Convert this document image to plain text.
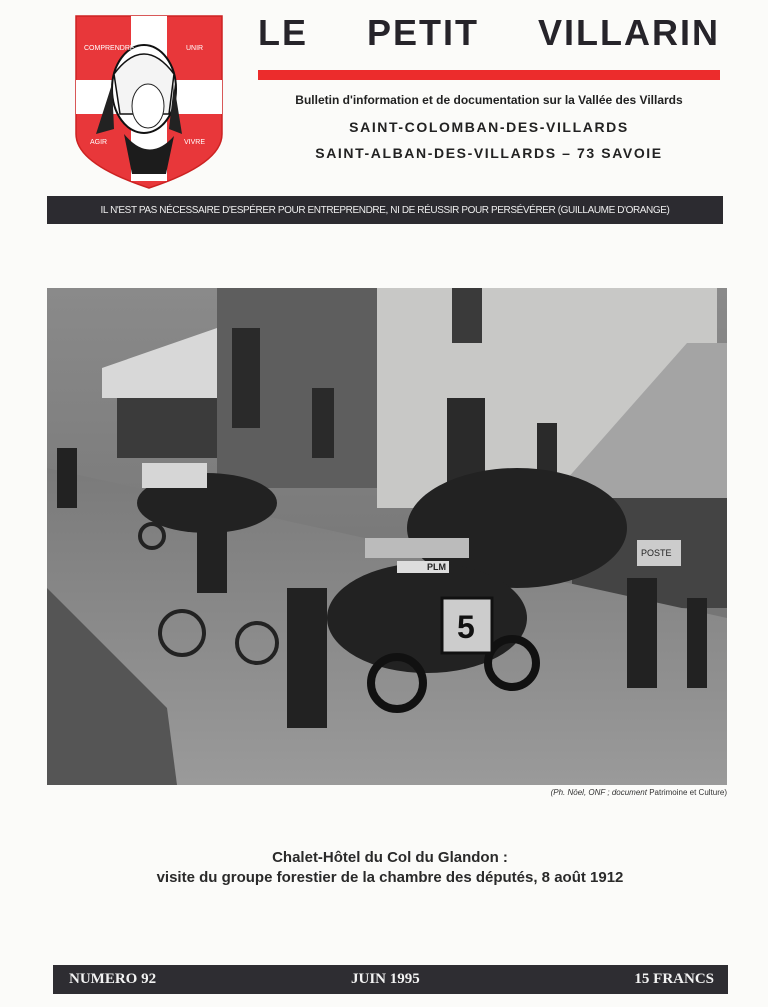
COMPRENDRE	UNIR
AGIR	VIVRE
LE PETIT VILLARIN
Bulletin d'information et de documentation sur la Vallée des Villards
SAINT-COLOMBAN-DES-VILLARDS
SAINT-ALBAN-DES-VILLARDS – 73 SAVOIE
IL N'EST PAS NÉCESSAIRE D'ESPÉRER POUR ENTREPRENDRE, NI DE RÉUSSIR POUR PERSÉVÉRER (GUILLAUME D'ORANGE)
PLM
5
POSTE
(Ph. Nöel, ONF ; document Patrimoine et Culture)
Chalet-Hôtel du Col du Glandon :
visite du groupe forestier de la chambre des députés, 8 août 1912
NUMERO 92	JUIN 1995	15 FRANCS
